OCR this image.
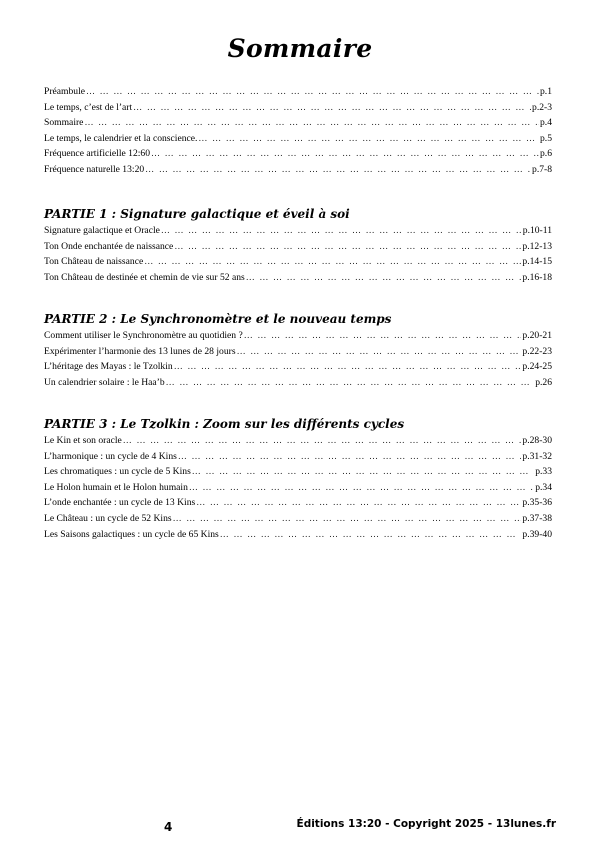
Sommaire
Préambule … … … … … … … … … … … … … … … … … … … … … … … … … … … … … … … … … … … … … … … … … … … … … … … … … … … … … … … … … … … … … … … … … … … … …	p.1
Le temps, c’est de l’art … … … … … … … … … … … … … … … … … … … … … … … … … … … … … … … … … … … … … … … … … … … … … … … … … … … … … … … … … … … … … … … … … … … … …	p.2-3
Sommaire … … … … … … … … … … … … … … … … … … … … … … … … … … … … … … … … … … … … … … … … … … … … … … … … … … … … … … … … … … … … … … … … … … … … …	p.4
Le temps, le calendrier et la conscience. … … … … … … … … … … … … … … … … … … … … … … … … … … … … … … … … … … … … … … … … … … … … … … … … … … … … … … … … … … … … … … … … … … … … …	p.5
Fréquence artificielle 12:60 … … … … … … … … … … … … … … … … … … … … … … … … … … … … … … … … … … … … … … … … … … … … … … … … … … … … … … … … … … … … … … … … … … … … …	p.6
Fréquence naturelle 13:20 … … … … … … … … … … … … … … … … … … … … … … … … … … … … … … … … … … … … … … … … … … … … … … … … … … … … … … … … … … … … … … … … … … … … …	p.7-8
PARTIE 1 : Signature galactique et éveil à soi
Signature galactique et Oracle … … … … … … … … … … … … … … … … … … … … … … … … … … … … … … … … … … … … … … … … … … … … … … … … … … … … … … … … … … … … … … … … … … … … …	p.10-11
Ton Onde enchantée de naissance … … … … … … … … … … … … … … … … … … … … … … … … … … … … … … … … … … … … … … … … … … … … … … … … … … … … … … … … … … … … … … … … … … … … …	p.12-13
Ton Château de naissance … … … … … … … … … … … … … … … … … … … … … … … … … … … … … … … … … … … … … … … … … … … … … … … … … … … … … … … … … … … … … … … … … … … … …	p.14-15
Ton Château de destinée et chemin de vie sur 52 ans … … … … … … … … … … … … … … … … … … … … … … … … … … … … … … … … … … … … … … … … … … … … … … … … … … … … … … … … … … … … … … … … … … … … …	p.16-18
PARTIE 2 : Le Synchronomètre et le nouveau temps
Comment utiliser le Synchronomètre au quotidien ? … … … … … … … … … … … … … … … … … … … … … … … … … … … … … … … … … … … … … … … … … … … … … … … … … … … … … … … … … … … … … … … … … … … … …	p.20-21
Expérimenter l’harmonie des 13 lunes de 28 jours … … … … … … … … … … … … … … … … … … … … … … … … … … … … … … … … … … … … … … … … … … … … … … … … … … … … … … … … … … … … … … … … … … … … …	p.22-23
L’héritage des Mayas : le Tzolkin … … … … … … … … … … … … … … … … … … … … … … … … … … … … … … … … … … … … … … … … … … … … … … … … … … … … … … … … … … … … … … … … … … … … …	p.24-25
Un calendrier solaire : le Haa’b … … … … … … … … … … … … … … … … … … … … … … … … … … … … … … … … … … … … … … … … … … … … … … … … … … … … … … … … … … … … … … … … … … … … …	p.26
PARTIE 3 : Le Tzolkin : Zoom sur les différents cycles
Le Kin et son oracle … … … … … … … … … … … … … … … … … … … … … … … … … … … … … … … … … … … … … … … … … … … … … … … … … … … … … … … … … … … … … … … … … … … … …	p.28-30
L’harmonique : un cycle de 4 Kins … … … … … … … … … … … … … … … … … … … … … … … … … … … … … … … … … … … … … … … … … … … … … … … … … … … … … … … … … … … … … … … … … … … … …	p.31-32
Les chromatiques : un cycle de 5 Kins … … … … … … … … … … … … … … … … … … … … … … … … … … … … … … … … … … … … … … … … … … … … … … … … … … … … … … … … … … … … … … … … … … … … …	p.33
Le Holon humain et le Holon humain … … … … … … … … … … … … … … … … … … … … … … … … … … … … … … … … … … … … … … … … … … … … … … … … … … … … … … … … … … … … … … … … … … … … …	p.34
L’onde enchantée : un cycle de 13 Kins … … … … … … … … … … … … … … … … … … … … … … … … … … … … … … … … … … … … … … … … … … … … … … … … … … … … … … … … … … … … … … … … … … … … …	p.35-36
Le Château : un cycle de 52 Kins … … … … … … … … … … … … … … … … … … … … … … … … … … … … … … … … … … … … … … … … … … … … … … … … … … … … … … … … … … … … … … … … … … … … …	p.37-38
Les Saisons galactiques : un cycle de 65 Kins … … … … … … … … … … … … … … … … … … … … … … … … … … … … … … … … … … … … … … … … … … … … … … … … … … … … … … … … … … … … … … … … … … … … …	p.39-40
4	Éditions 13:20 - Copyright 2025 - 13lunes.fr
